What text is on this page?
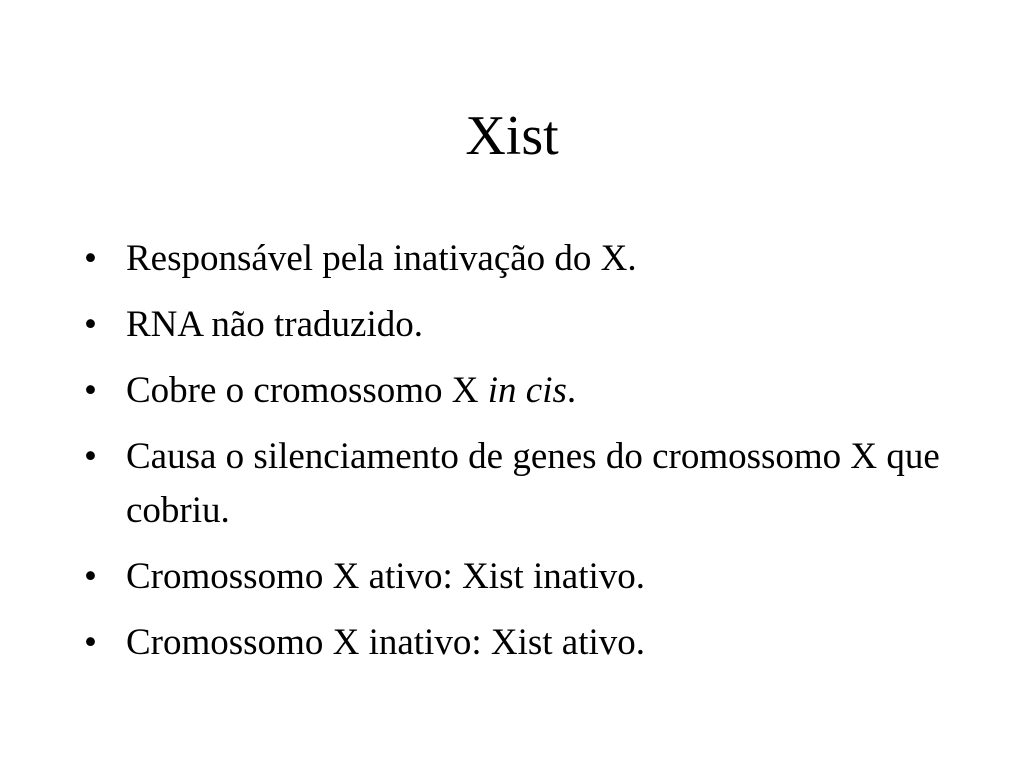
Xist
• Responsável pela inativação do X.
• RNA não traduzido.
• Cobre o cromossomo X in cis.
• Causa o silenciamento de genes do cromossomo X que cobriu.
• Cromossomo X ativo: Xist inativo.
• Cromossomo X inativo: Xist ativo.
